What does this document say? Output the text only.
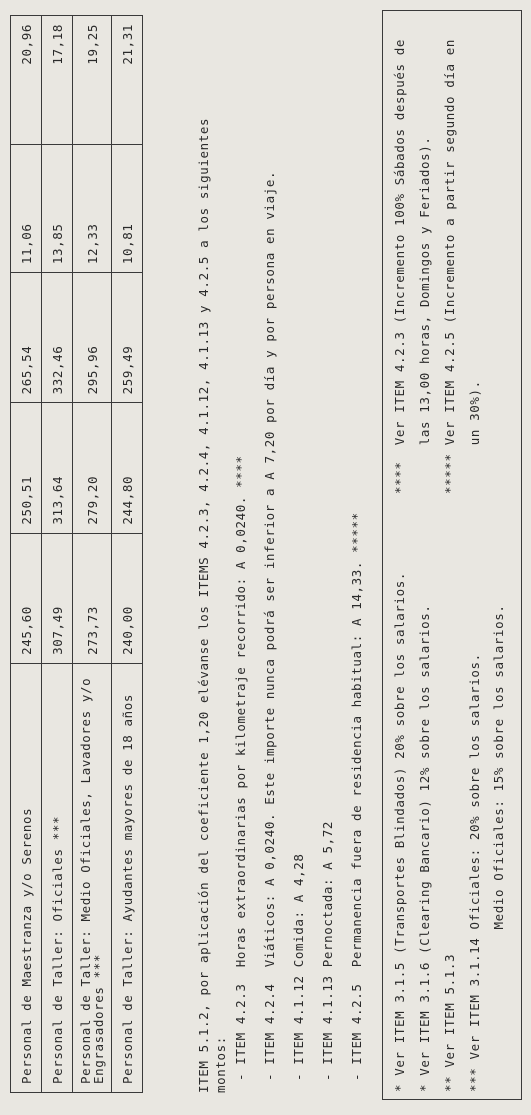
Personal de Maestranza y/o Serenos	245,60	250,51	265,54	11,06	20,96
Personal de Taller: Oficiales ***	307,49	313,64	332,46	13,85	17,18
Personal de Taller: Medio Oficiales, Lavadores y/o Engrasadores ***	273,73	279,20	295,96	12,33	19,25
Personal de Taller: Ayudantes mayores de 18 años	240,00	244,80	259,49	10,81	21,31
ITEM 5.1.2, por aplicación del coeficiente 1,20 elévanse los ITEMS 4.2.3, 4.2.4, 4.1.12, 4.1.13 y 4.2.5 a los siguientes montos: - ITEM 4.2.3  Horas extraordinarias por kilometraje recorrido: A 0,0240. **** - ITEM 4.2.4  Viáticos: A 0,0240. Este importe nunca podrá ser inferior a A 7,20 por día y por persona en viaje. - ITEM 4.1.12 Comida: A 4,28 - ITEM 4.1.13 Pernoctada: A 5,72 - ITEM 4.2.5  Permanencia fuera de residencia habitual: A 14,33. ***** * Ver ITEM 3.1.5 (Transportes Blindados) 20% sobre los salarios. * Ver ITEM 3.1.6 (Clearing Bancario) 12% sobre los salarios. ** Ver ITEM 5.1.3 *** Ver ITEM 3.1.14 Oficiales: 20% sobre los salarios. Medio Oficiales: 15% sobre los salarios.
****  Ver ITEM 4.2.3 (Incremento 100% Sábados después de las 13,00 horas, Domingos y Feriados). ***** Ver ITEM 4.2.5 (Incremento a partir segundo día en un 30%).
